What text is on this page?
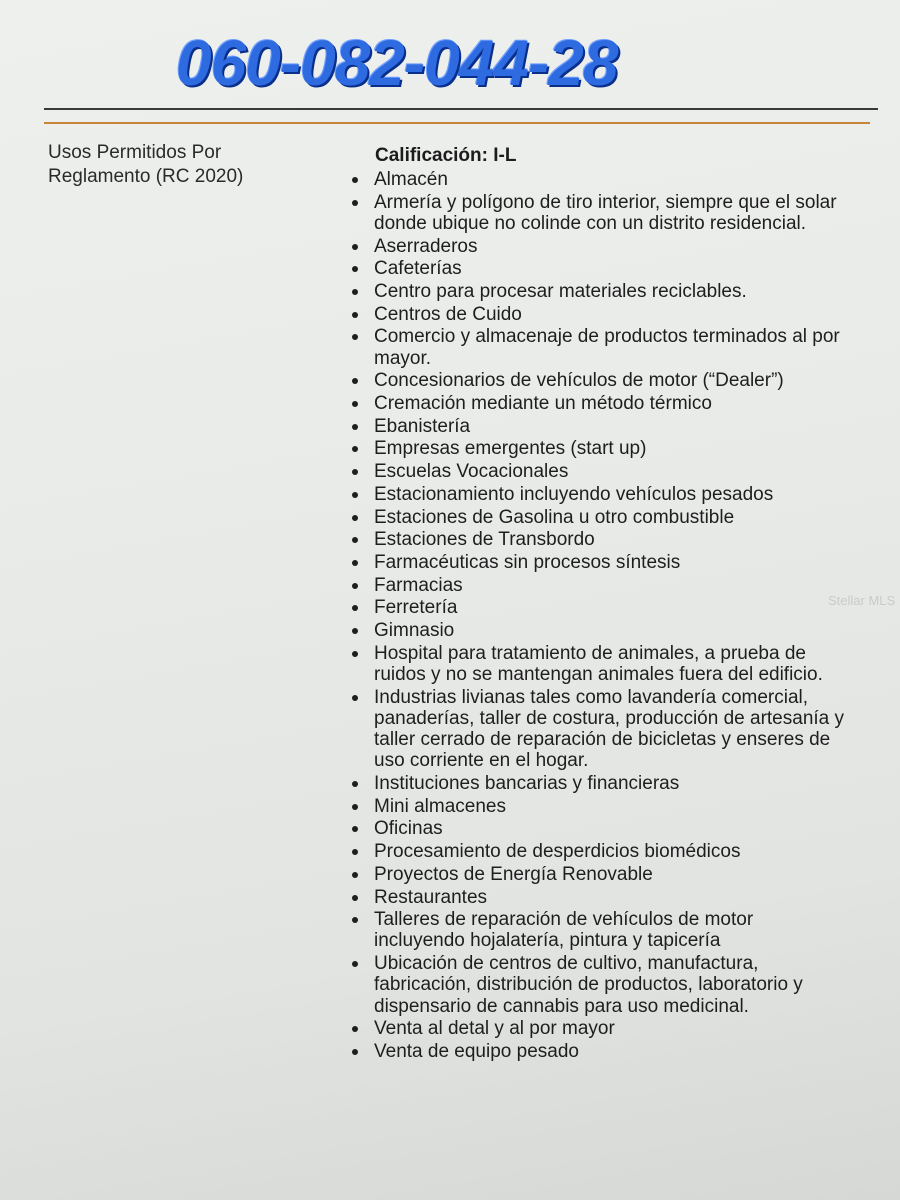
060-082-044-28
Usos Permitidos Por Reglamento (RC 2020)
Calificación: I-L
Almacén
Armería y polígono de tiro interior, siempre que el solar donde ubique no colinde con un distrito residencial.
Aserraderos
Cafeterías
Centro para procesar materiales reciclables.
Centros de Cuido
Comercio y almacenaje de productos terminados al por mayor.
Concesionarios de vehículos de motor (“Dealer”)
Cremación mediante un método térmico
Ebanistería
Empresas emergentes (start up)
Escuelas Vocacionales
Estacionamiento incluyendo vehículos pesados
Estaciones de Gasolina u otro combustible
Estaciones de Transbordo
Farmacéuticas sin procesos síntesis
Farmacias
Ferretería
Gimnasio
Hospital para tratamiento de animales, a prueba de ruidos y no se mantengan animales fuera del edificio.
Industrias livianas tales como lavandería comercial, panaderías, taller de costura, producción de artesanía y taller cerrado de reparación de bicicletas y enseres de uso corriente en el hogar.
Instituciones bancarias y financieras
Mini almacenes
Oficinas
Procesamiento de desperdicios biomédicos
Proyectos de Energía Renovable
Restaurantes
Talleres de reparación de vehículos de motor incluyendo hojalatería, pintura y tapicería
Ubicación de centros de cultivo, manufactura, fabricación, distribución de productos, laboratorio y dispensario de cannabis para uso medicinal.
Venta al detal y al por mayor
Venta de equipo pesado
Stellar MLS
